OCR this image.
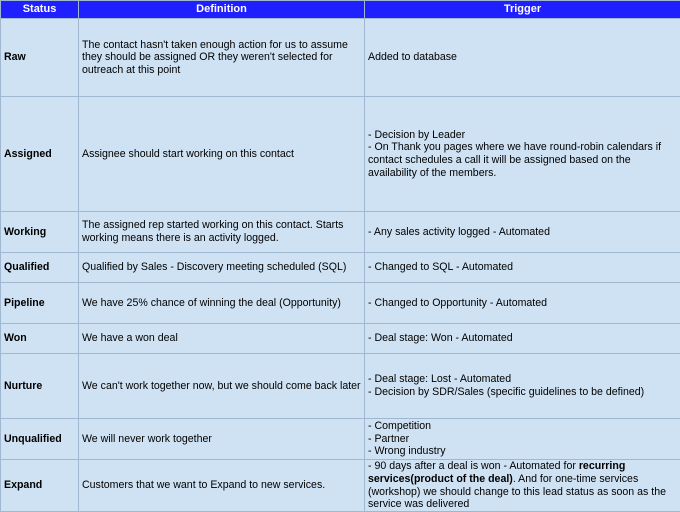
Status	Definition	Trigger
Raw	The contact hasn't taken enough action for us to assume they should be assigned OR they weren't selected for outreach at this point	Added to database

Assigned	Assignee should start working on this contact	- Decision by Leader
- On Thank you pages where we have round-robin calendars if contact schedules a call it will be assigned based on the availability of the members.

Working	The assigned rep started working on this contact. Starts working means there is an activity logged.	- Any sales activity logged - Automated

Qualified	Qualified by Sales - Discovery meeting scheduled (SQL)	- Changed to SQL - Automated

Pipeline	We have 25% chance of winning the deal (Opportunity)	- Changed to Opportunity - Automated

Won	We have a won deal	- Deal stage: Won - Automated

Nurture	We can't work together now, but we should come back later	- Deal stage: Lost - Automated
- Decision by SDR/Sales (specific guidelines to be defined)

Unqualified	We will never work together	- Competition
- Partner
- Wrong industry

Expand	Customers that we want to Expand to new services.	- 90 days after a deal is won - Automated for recurring services(product of the deal). And for one-time services (workshop) we should change to this lead status as soon as the service was delivered
